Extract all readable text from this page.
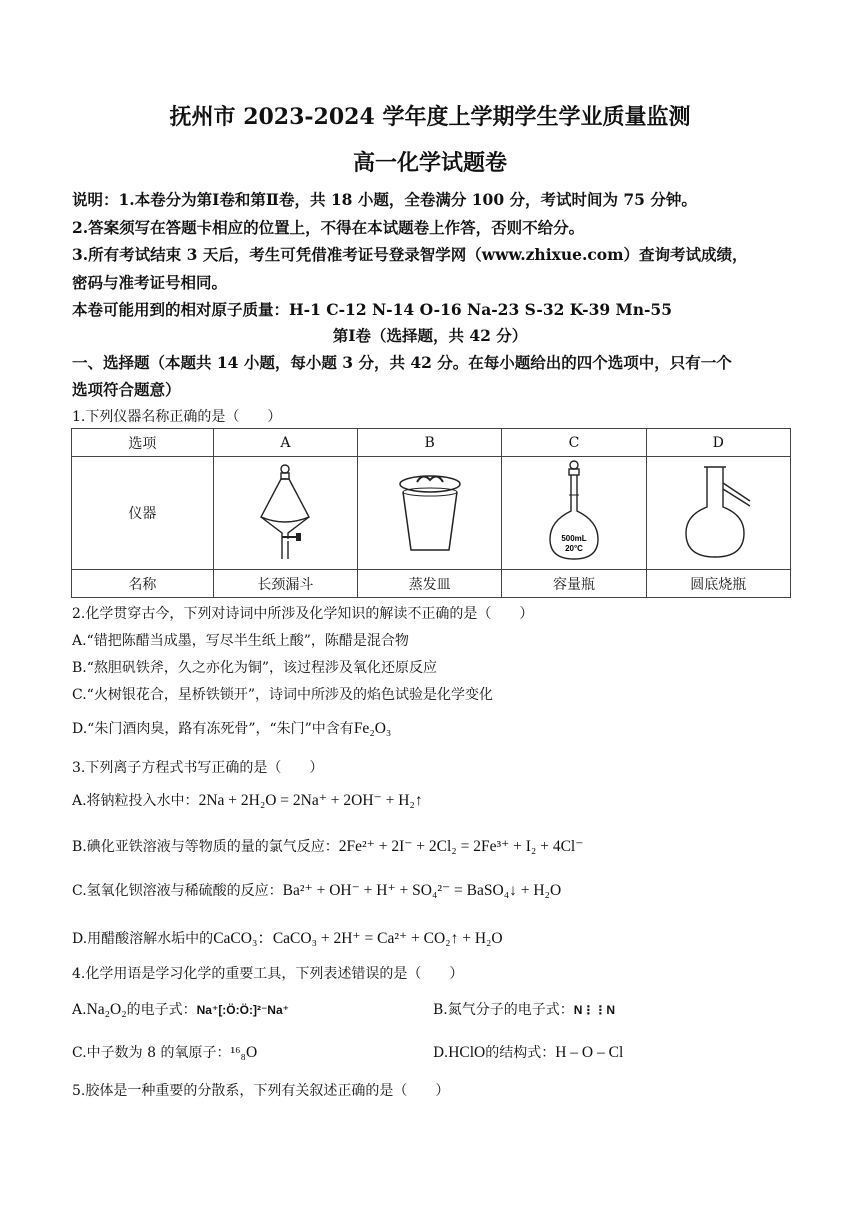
抚州市 2023-2024 学年度上学期学生学业质量监测
高一化学试题卷
说明：1.本卷分为第Ⅰ卷和第Ⅱ卷，共 18 小题，全卷满分 100 分，考试时间为 75 分钟。
2.答案须写在答题卡相应的位置上，不得在本试题卷上作答，否则不给分。
3.所有考试结束 3 天后，考生可凭借准考证号登录智学网（www.zhixue.com）查询考试成绩，
密码与准考证号相同。
本卷可能用到的相对原子质量：H-1 C-12 N-14 O-16 Na-23 S-32 K-39 Mn-55
第Ⅰ卷（选择题，共 42 分）
一、选择题（本题共 14 小题，每小题 3 分，共 42 分。在每小题给出的四个选项中，只有一个
选项符合题意）
1.下列仪器名称正确的是（　　）
选项	A	B	C	D
仪器			500mL
20°C

名称	长颈漏斗	蒸发皿	容量瓶	圆底烧瓶
2.化学贯穿古今，下列对诗词中所涉及化学知识的解读不正确的是（　　）
A.“错把陈醋当成墨，写尽半生纸上酸”，陈醋是混合物
B.“熬胆矾铁斧，久之亦化为铜”，该过程涉及氧化还原反应
C.“火树银花合，星桥铁锁开”，诗词中所涉及的焰色试验是化学变化
D.“朱门酒肉臭，路有冻死骨”，“朱门”中含有Fe₂O₃
3.下列离子方程式书写正确的是（　　）
A.将钠粒投入水中：2Na + 2H₂O = 2Na⁺ + 2OH⁻ + H₂↑
B.碘化亚铁溶液与等物质的量的氯气反应：2Fe²⁺ + 2I⁻ + 2Cl₂ = 2Fe³⁺ + I₂ + 4Cl⁻
C.氢氧化钡溶液与稀硫酸的反应：Ba²⁺ + OH⁻ + H⁺ + SO₄²⁻ = BaSO₄↓ + H₂O
D.用醋酸溶解水垢中的CaCO₃：CaCO₃ + 2H⁺ = Ca²⁺ + CO₂↑ + H₂O
4.化学用语是学习化学的重要工具，下列表述错误的是（　　）
A.Na₂O₂的电子式：Na⁺[:Ö:Ö:]²⁻Na⁺	B.氮气分子的电子式：N⋮⋮N
C.中子数为 8 的氧原子：¹⁶₈O	D.HClO的结构式：H – O – Cl
5.胶体是一种重要的分散系，下列有关叙述正确的是（　　）
